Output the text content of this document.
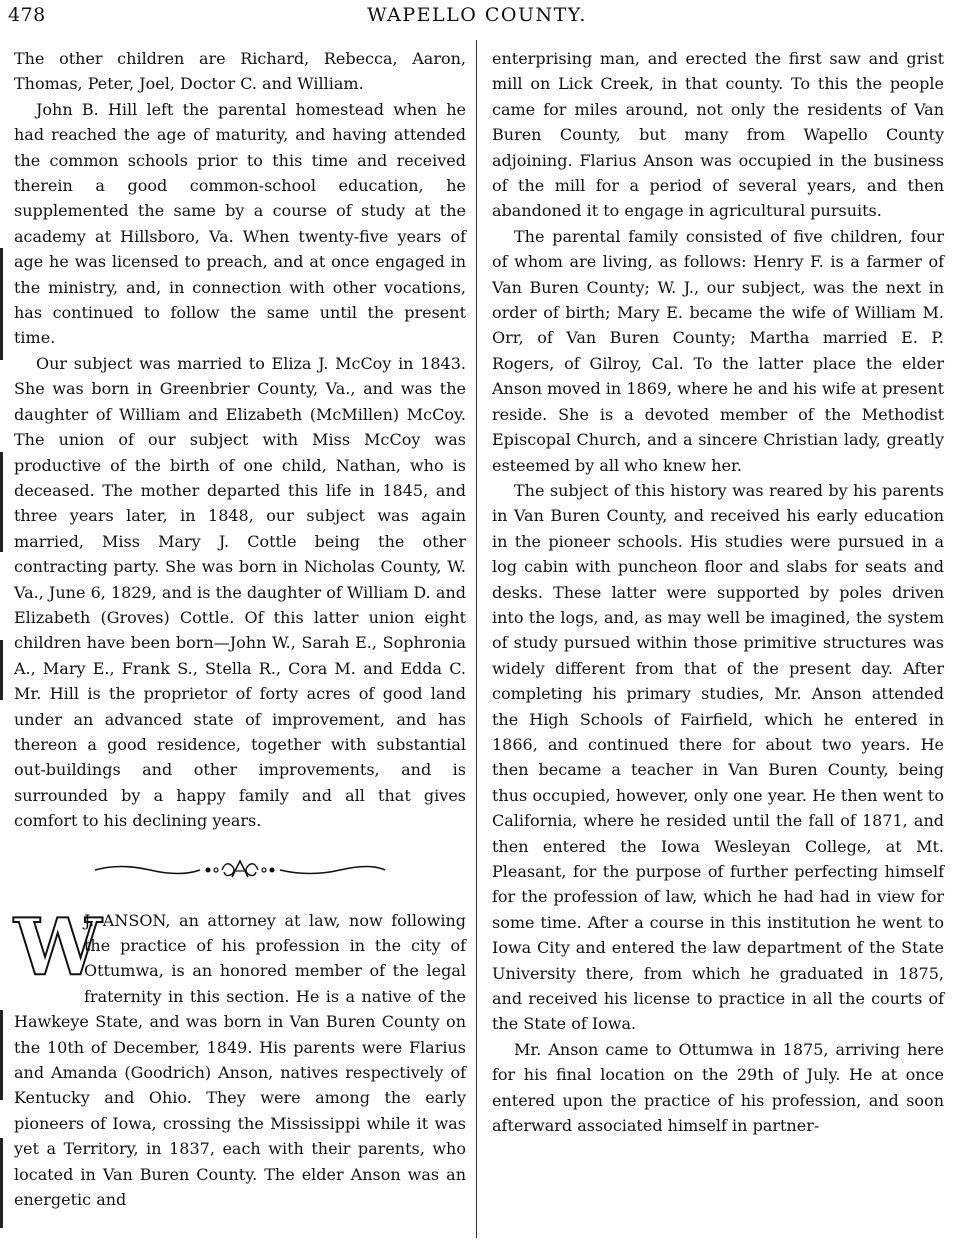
478	WAPELLO COUNTY.

The other children are Richard, Rebecca, Aaron, Thomas, Peter, Joel, Doctor C. and William.

John B. Hill left the parental homestead when he had reached the age of maturity, and having attended the common schools prior to this time and received therein a good common-school education, he supplemented the same by a course of study at the academy at Hillsboro, Va. When twenty-five years of age he was licensed to preach, and at once engaged in the ministry, and, in connection with other vocations, has continued to follow the same until the present time.

Our subject was married to Eliza J. McCoy in 1843. She was born in Greenbrier County, Va., and was the daughter of William and Elizabeth (McMillen) McCoy. The union of our subject with Miss McCoy was productive of the birth of one child, Nathan, who is deceased. The mother departed this life in 1845, and three years later, in 1848, our subject was again married, Miss Mary J. Cottle being the other contracting party. She was born in Nicholas County, W. Va., June 6, 1829, and is the daughter of William D. and Elizabeth (Groves) Cottle. Of this latter union eight children have been born—John W., Sarah E., Sophronia A., Mary E., Frank S., Stella R., Cora M. and Edda C. Mr. Hill is the proprietor of forty acres of good land under an advanced state of improvement, and has thereon a good residence, together with substantial out-buildings and other improvements, and is surrounded by a happy family and all that gives comfort to his declining years.

W
J. ANSON, an attorney at law, now following the practice of his profession in the city of Ottumwa, is an honored member of the legal fraternity in this section. He is a native of the Hawkeye State, and was born in Van Buren County on the 10th of December, 1849. His parents were Flarius and Amanda (Goodrich) Anson, natives respectively of Kentucky and Ohio. They were among the early pioneers of Iowa, crossing the Mississippi while it was yet a Territory, in 1837, each with their parents, who located in Van Buren County. The elder Anson was an energetic and

enterprising man, and erected the first saw and grist mill on Lick Creek, in that county. To this the people came for miles around, not only the residents of Van Buren County, but many from Wapello County adjoining. Flarius Anson was occupied in the business of the mill for a period of several years, and then abandoned it to engage in agricultural pursuits.

The parental family consisted of five children, four of whom are living, as follows: Henry F. is a farmer of Van Buren County; W. J., our subject, was the next in order of birth; Mary E. became the wife of William M. Orr, of Van Buren County; Martha married E. P. Rogers, of Gilroy, Cal. To the latter place the elder Anson moved in 1869, where he and his wife at present reside. She is a devoted member of the Methodist Episcopal Church, and a sincere Christian lady, greatly esteemed by all who knew her.

The subject of this history was reared by his parents in Van Buren County, and received his early education in the pioneer schools. His studies were pursued in a log cabin with puncheon floor and slabs for seats and desks. These latter were supported by poles driven into the logs, and, as may well be imagined, the system of study pursued within those primitive structures was widely different from that of the present day. After completing his primary studies, Mr. Anson attended the High Schools of Fairfield, which he entered in 1866, and continued there for about two years. He then became a teacher in Van Buren County, being thus occupied, however, only one year. He then went to California, where he resided until the fall of 1871, and then entered the Iowa Wesleyan College, at Mt. Pleasant, for the purpose of further perfecting himself for the profession of law, which he had had in view for some time. After a course in this institution he went to Iowa City and entered the law department of the State University there, from which he graduated in 1875, and received his license to practice in all the courts of the State of Iowa.

Mr. Anson came to Ottumwa in 1875, arriving here for his final location on the 29th of July. He at once entered upon the practice of his profession, and soon afterward associated himself in partner-
